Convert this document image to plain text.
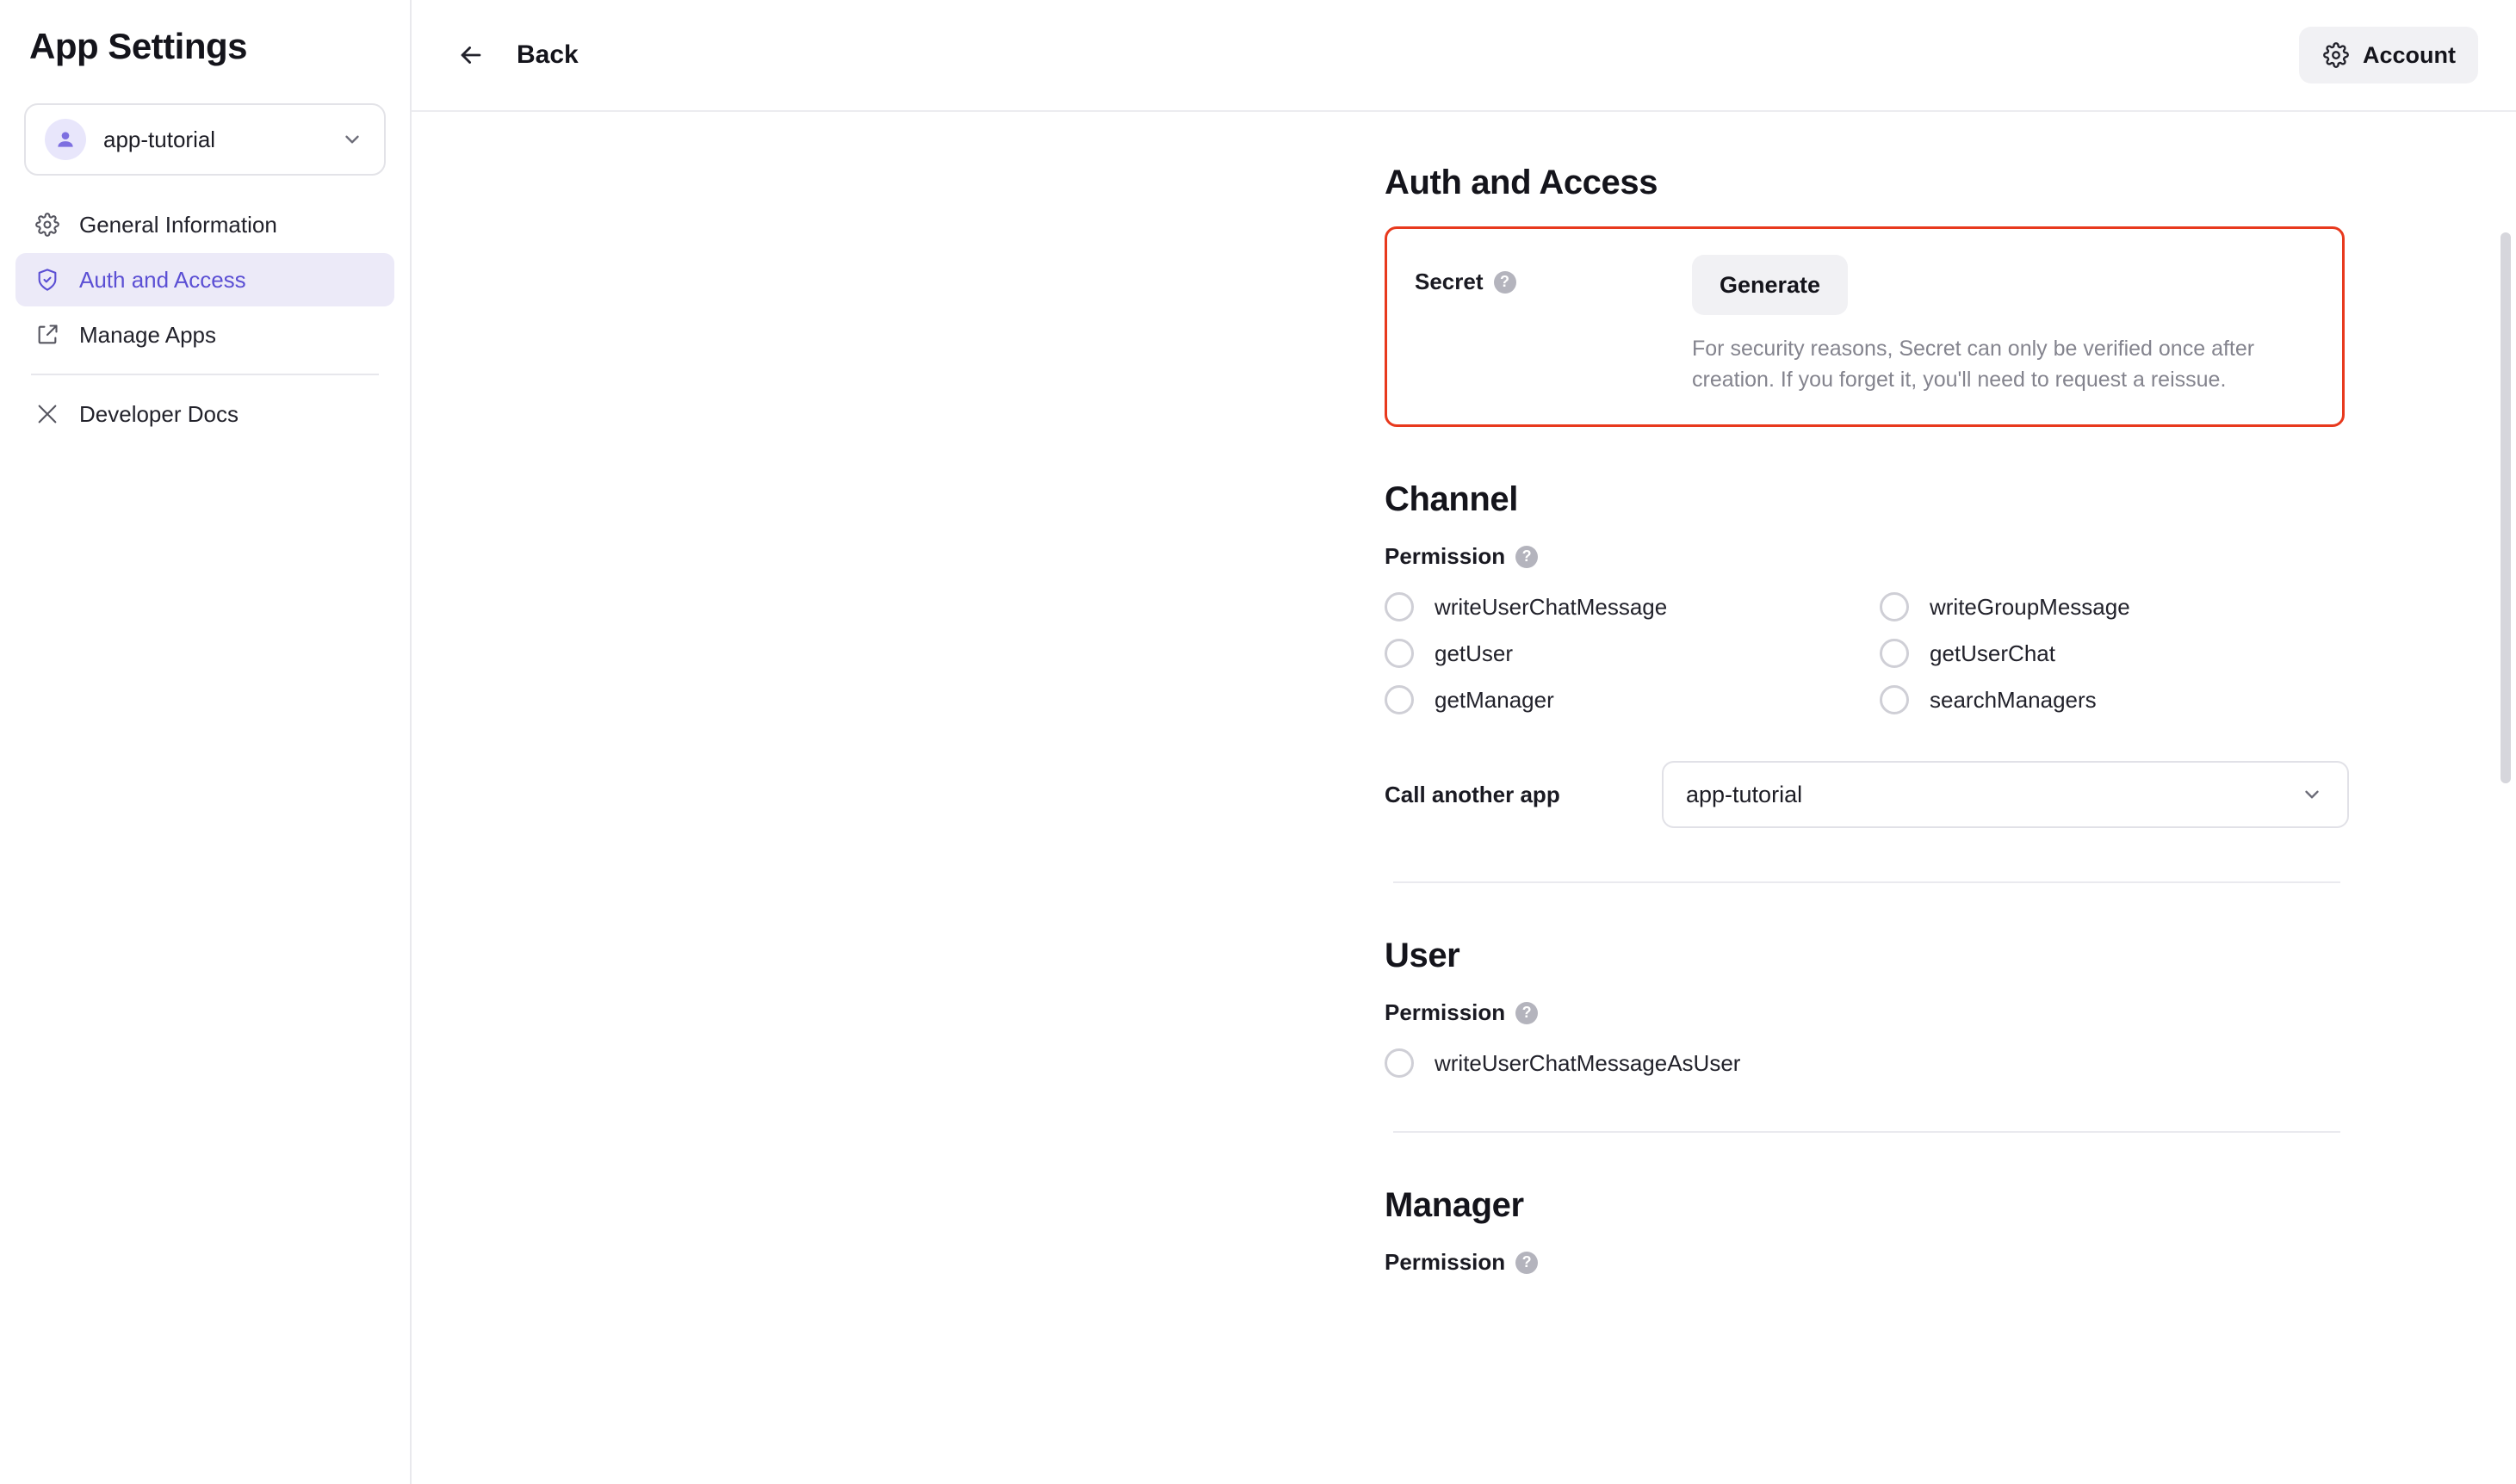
App Settings
app-tutorial
General Information
Auth and Access
Manage Apps
Developer Docs
Back	Account
Auth and Access
Secret	?	Generate

For security reasons, Secret can only be verified once after creation. If you forget it, you'll need to request a reissue.

Channel
Permission	?
writeUserChatMessage	writeGroupMessage
getUser	getUserChat
getManager	searchManagers
Call another app	app-tutorial
User
Permission	?
writeUserChatMessageAsUser
Manager
Permission	?
